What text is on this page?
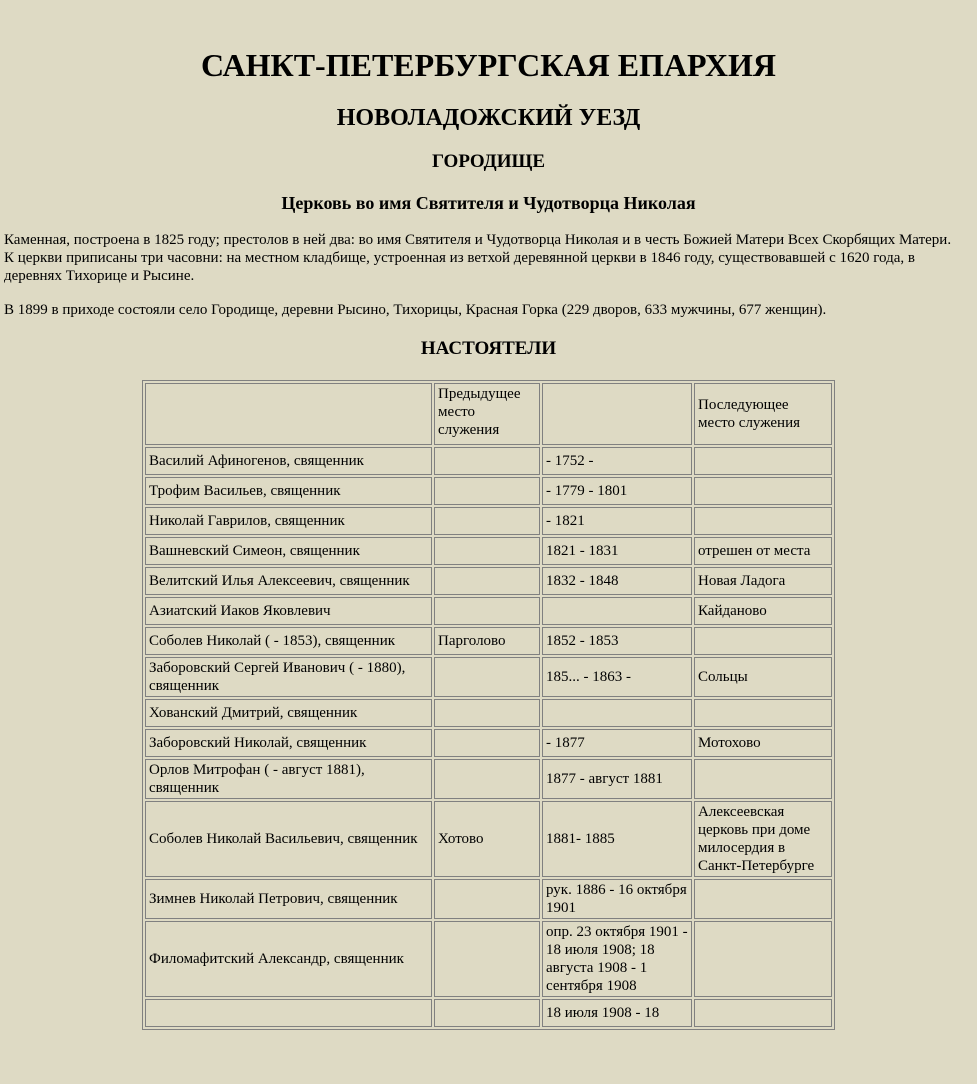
САНКТ-ПЕТЕРБУРГСКАЯ ЕПАРХИЯ
НОВОЛАДОЖСКИЙ УЕЗД
ГОРОДИЩЕ
Церковь во имя Святителя и Чудотворца Николая

Каменная, построена в 1825 году; престолов в ней два: во имя Святителя и Чудотворца Николая и в честь Божией Матери Всех Скорбящих Матери.

К церкви приписаны три часовни: на местном кладбище, устроенная из ветхой деревянной церкви в 1846 году, существовавшей с 1620 года, в деревнях Тихорице и Рысине.

В 1899 в приходе состояли село Городище, деревни Рысино, Тихорицы, Красная Горка (229 дворов, 633 мужчины, 677 женщин).

НАСТОЯТЕЛИ
	Предыдущее место служения		Последующее место служения
Василий Афиногенов, священник		- 1752 -	
Трофим Васильев, священник		- 1779 - 1801	
Николай Гаврилов, священник		- 1821	
Вашневский Симеон, священник		1821 - 1831	отрешен от места
Велитский Илья Алексеевич, священник		1832 - 1848	Новая Ладога
Азиатский Иаков Яковлевич			Кайданово
Соболев Николай ( - 1853), священник	Парголово	1852 - 1853	
Заборовский Сергей Иванович ( - 1880), священник		185... - 1863 -	Сольцы
Хованский Дмитрий, священник			
Заборовский Николай, священник		- 1877	Мотохово
Орлов Митрофан ( - август 1881), священник		1877 - август 1881	
Соболев Николай Васильевич, священник	Хотово	1881- 1885	Алексеевская церковь при доме милосердия в Санкт-Петербурге
Зимнев Николай Петрович, священник		рук. 1886 - 16 октября 1901	
Филомафитский Александр, священник		опр. 23 октября 1901 - 18 июля 1908; 18 августа 1908 - 1 сентября 1908	
		18 июля 1908 - 18	
